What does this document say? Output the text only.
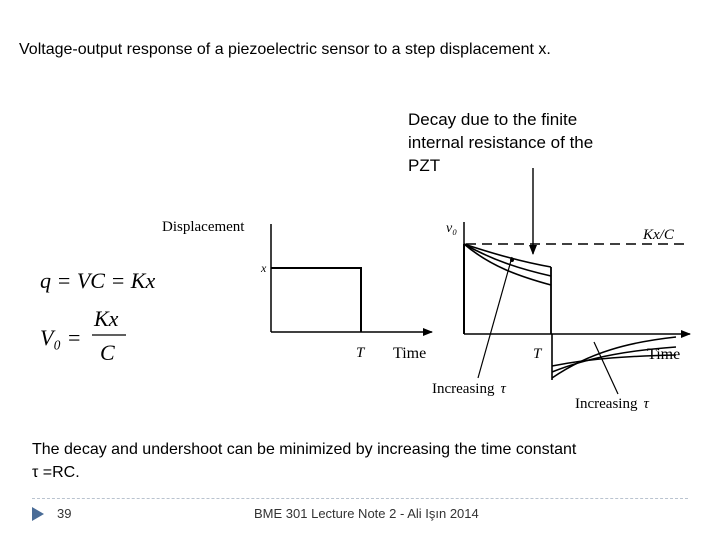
Voltage-output response of a piezoelectric sensor to a step displacement x.
Decay due to the finite
internal resistance of the
PZT
q = VC = Kx
V₀ =
Kx
C
Displacement
x
T Time
v₀	Kx/C
T	Time
Increasing τ
Increasing τ
The decay and undershoot can be minimized by increasing the time constant
τ =RC.
39	BME 301 Lecture Note 2 - Ali Işın 2014
